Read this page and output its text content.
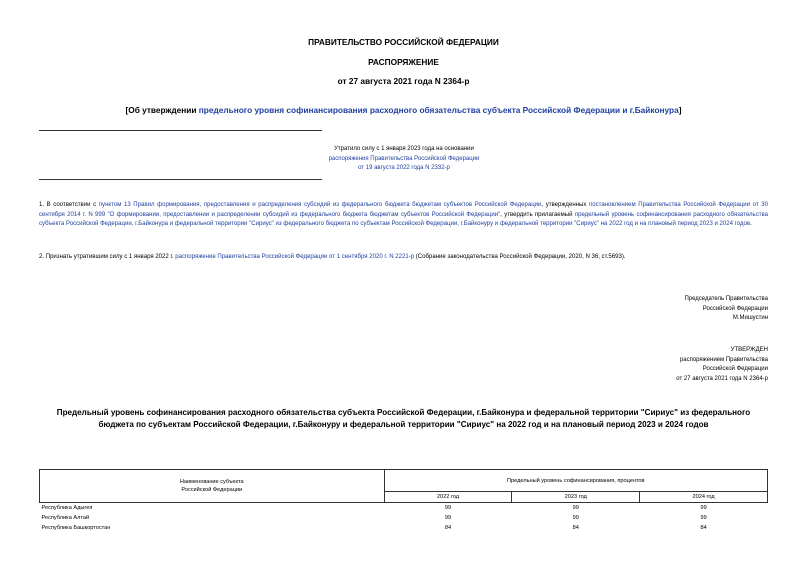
ПРАВИТЕЛЬСТВО РОССИЙСКОЙ ФЕДЕРАЦИИ
РАСПОРЯЖЕНИЕ
от 27 августа 2021 года N 2364-р
[Об утверждении предельного уровня софинансирования расходного обязательства субъекта Российской Федерации и г.Байконура]
Утратило силу с 1 января 2023 года на основании
распоряжения Правительства Российской Федерации
от 19 августа 2022 года N 2332-р
1. В соответствии с пунктом 13 Правил формирования, предоставления и распределения субсидий из федерального бюджета бюджетам субъектов Российской Федерации, утвержденных постановлением Правительства Российской Федерации от 30 сентября 2014 г. N 999 "О формировании, предоставлении и распределении субсидий из федерального бюджета бюджетам субъектов Российской Федерации", утвердить прилагаемый предельный уровень софинансирования расходного обязательства субъекта Российской Федерации, г.Байконура и федеральной территории "Сириус" из федерального бюджета по субъектам Российской Федерации, г.Байконуру и федеральной территории "Сириус" на 2022 год и на плановый период 2023 и 2024 годов.
2. Признать утратившим силу с 1 января 2022 г. распоряжение Правительства Российской Федерации от 1 сентября 2020 г. N 2221-р (Собрание законодательства Российской Федерации, 2020, N 36, ст.5693).
Председатель Правительства
Российской Федерации
М.Мишустин
УТВЕРЖДЕН
распоряжением Правительства
Российской Федерации
от 27 августа 2021 года N 2364-р
Предельный уровень софинансирования расходного обязательства субъекта Российской Федерации, г.Байконура и федеральной территории "Сириус" из федерального бюджета по субъектам Российской Федерации, г.Байконуру и федеральной территории "Сириус" на 2022 год и на плановый период 2023 и 2024 годов
Наименование субъекта Российской Федерации	Предельный уровень софинансирования, процентов		
	2022 год	2023 год	2024 год
Республика Адыгея	99	99	99
Республика Алтай	99	99	99
Республика Башкортостан	84	84	84
